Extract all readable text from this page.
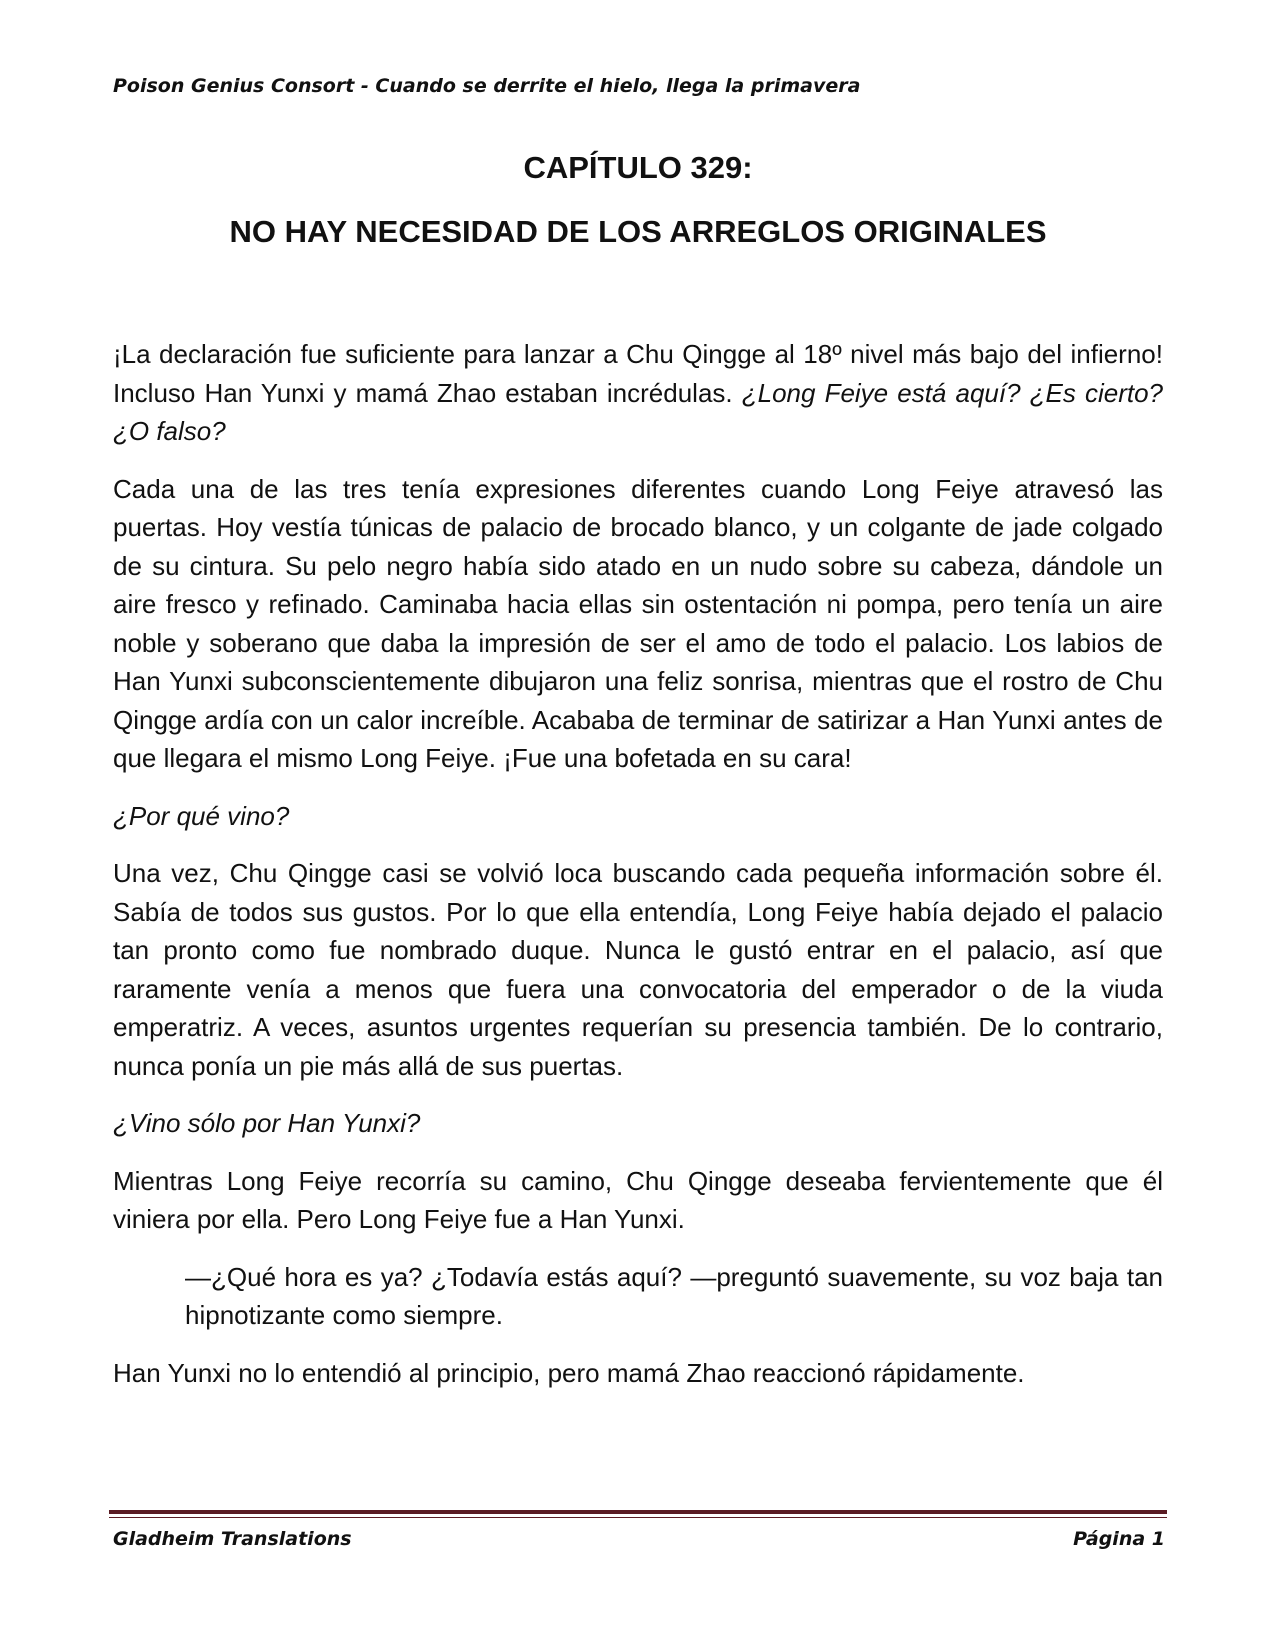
Poison Genius Consort - Cuando se derrite el hielo, llega la primavera
CAPÍTULO 329:
NO HAY NECESIDAD DE LOS ARREGLOS ORIGINALES

¡La declaración fue suficiente para lanzar a Chu Qingge al 18º nivel más bajo del infierno! Incluso Han Yunxi y mamá Zhao estaban incrédulas. ¿Long Feiye está aquí? ¿Es cierto? ¿O falso?

Cada una de las tres tenía expresiones diferentes cuando Long Feiye atravesó las puertas. Hoy vestía túnicas de palacio de brocado blanco, y un colgante de jade colgado de su cintura. Su pelo negro había sido atado en un nudo sobre su cabeza, dándole un aire fresco y refinado. Caminaba hacia ellas sin ostentación ni pompa, pero tenía un aire noble y soberano que daba la impresión de ser el amo de todo el palacio. Los labios de Han Yunxi subconscientemente dibujaron una feliz sonrisa, mientras que el rostro de Chu Qingge ardía con un calor increíble. Acababa de terminar de satirizar a Han Yunxi antes de que llegara el mismo Long Feiye. ¡Fue una bofetada en su cara!

¿Por qué vino?

Una vez, Chu Qingge casi se volvió loca buscando cada pequeña información sobre él. Sabía de todos sus gustos. Por lo que ella entendía, Long Feiye había dejado el palacio tan pronto como fue nombrado duque. Nunca le gustó entrar en el palacio, así que raramente venía a menos que fuera una convocatoria del emperador o de la viuda emperatriz. A veces, asuntos urgentes requerían su presencia también. De lo contrario, nunca ponía un pie más allá de sus puertas.

¿Vino sólo por Han Yunxi?

Mientras Long Feiye recorría su camino, Chu Qingge deseaba fervientemente que él viniera por ella. Pero Long Feiye fue a Han Yunxi.

—¿Qué hora es ya? ¿Todavía estás aquí? —preguntó suavemente, su voz baja tan hipnotizante como siempre.

Han Yunxi no lo entendió al principio, pero mamá Zhao reaccionó rápidamente.

Gladheim Translations	Página 1
